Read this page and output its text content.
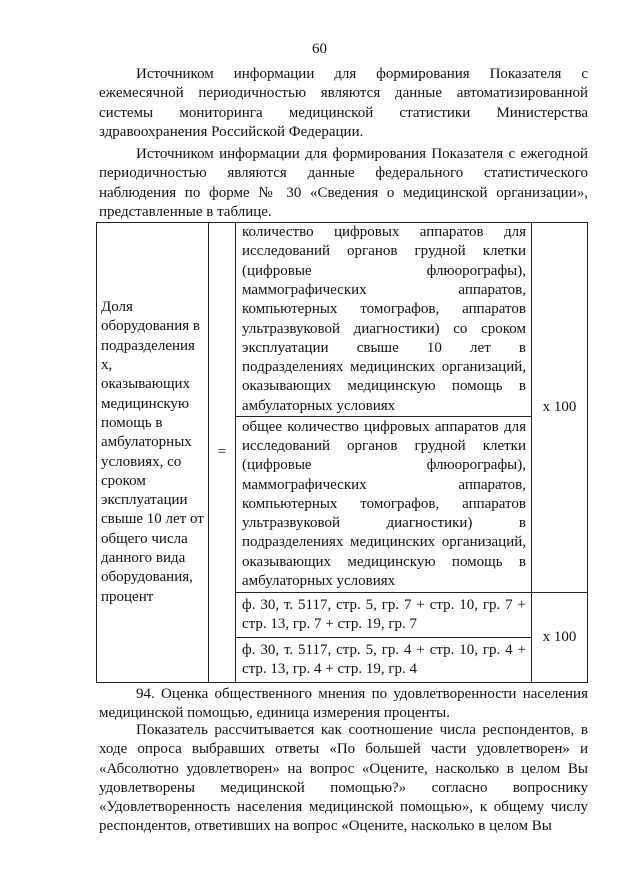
60

Источником информации для формирования Показателя с ежемесячной периодичностью являются данные автоматизированной системы мониторинга медицинской статистики Министерства здравоохранения Российской Федерации.

Источником информации для формирования Показателя с ежегодной периодичностью являются данные федерального статистического наблюдения по форме № 30 «Сведения о медицинской организации», представленные в таблице.

Доля оборудования в подразделения х, оказывающих медицинскую помощь в амбулаторных условиях, со сроком эксплуатации свыше 10 лет от общего числа данного вида оборудования, процент	=	количество цифровых аппаратов для исследований органов грудной клетки (цифровые флюорографы), маммографических аппаратов, компьютерных томографов, аппаратов ультразвуковой диагностики) со сроком эксплуатации свыше 10 лет в подразделениях медицинских организаций, оказывающих медицинскую помощь в амбулаторных условиях	x 100
		общее количество цифровых аппаратов для исследований органов грудной клетки (цифровые флюорографы), маммографических аппаратов, компьютерных томографов, аппаратов ультразвуковой диагностики) в подразделениях медицинских организаций, оказывающих медицинскую помощь в амбулаторных условиях	
		ф. 30, т. 5117, стр. 5, гр. 7 + стр. 10, гр. 7 + стр. 13, гр. 7 + стр. 19, гр. 7	x 100
		ф. 30, т. 5117, стр. 5, гр. 4 + стр. 10, гр. 4 + стр. 13, гр. 4 + стр. 19, гр. 4	

94. Оценка общественного мнения по удовлетворенности населения медицинской помощью, единица измерения проценты.

Показатель рассчитывается как соотношение числа респондентов, в ходе опроса выбравших ответы «По большей части удовлетворен» и «Абсолютно удовлетворен» на вопрос «Оцените, насколько в целом Вы удовлетворены медицинской помощью?» согласно вопроснику «Удовлетворенность населения медицинской помощью», к общему числу респондентов, ответивших на вопрос «Оцените, насколько в целом Вы
